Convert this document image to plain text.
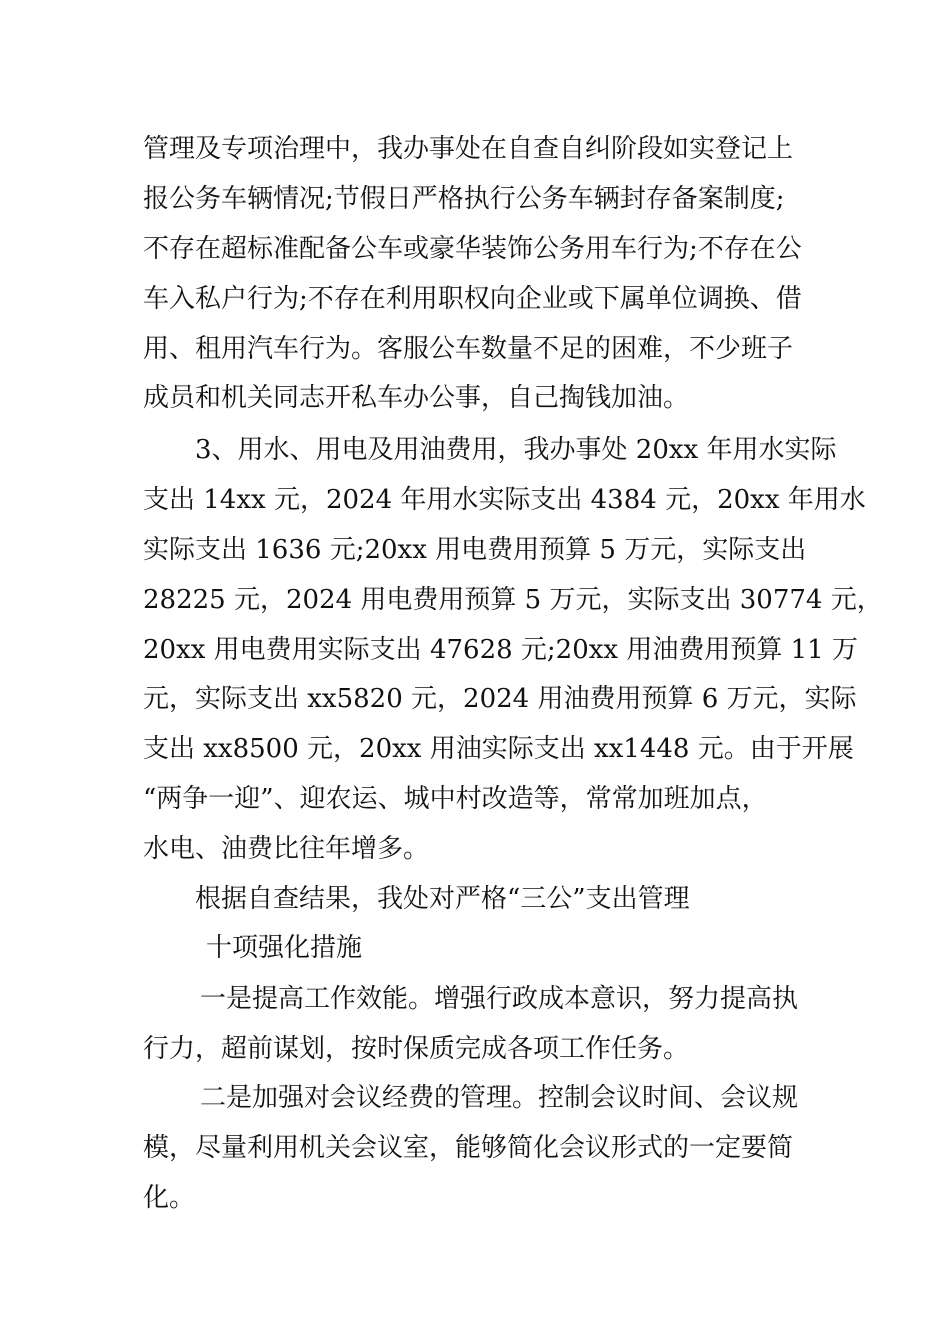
管理及专项治理中，我办事处在自查自纠阶段如实登记上
报公务车辆情况;节假日严格执行公务车辆封存备案制度;
不存在超标准配备公车或豪华装饰公务用车行为;不存在公
车入私户行为;不存在利用职权向企业或下属单位调换、借
用、租用汽车行为。客服公车数量不足的困难，不少班子
成员和机关同志开私车办公事，自己掏钱加油。
3、用水、用电及用油费用，我办事处 20xx 年用水实际
支出 14xx 元，2024 年用水实际支出 4384 元，20xx 年用水
实际支出 1636 元;20xx 用电费用预算 5 万元，实际支出
28225 元，2024 用电费用预算 5 万元，实际支出 30774 元，
20xx 用电费用实际支出 47628 元;20xx 用油费用预算 11 万
元，实际支出 xx5820 元，2024 用油费用预算 6 万元，实际
支出 xx8500 元，20xx 用油实际支出 xx1448 元。由于开展
“两争一迎”、迎农运、城中村改造等，常常加班加点，
水电、油费比往年增多。
根据自查结果，我处对严格“三公”支出管理
十项强化措施
一是提高工作效能。增强行政成本意识，努力提高执
行力，超前谋划，按时保质完成各项工作任务。
二是加强对会议经费的管理。控制会议时间、会议规
模，尽量利用机关会议室，能够简化会议形式的一定要简
化。
